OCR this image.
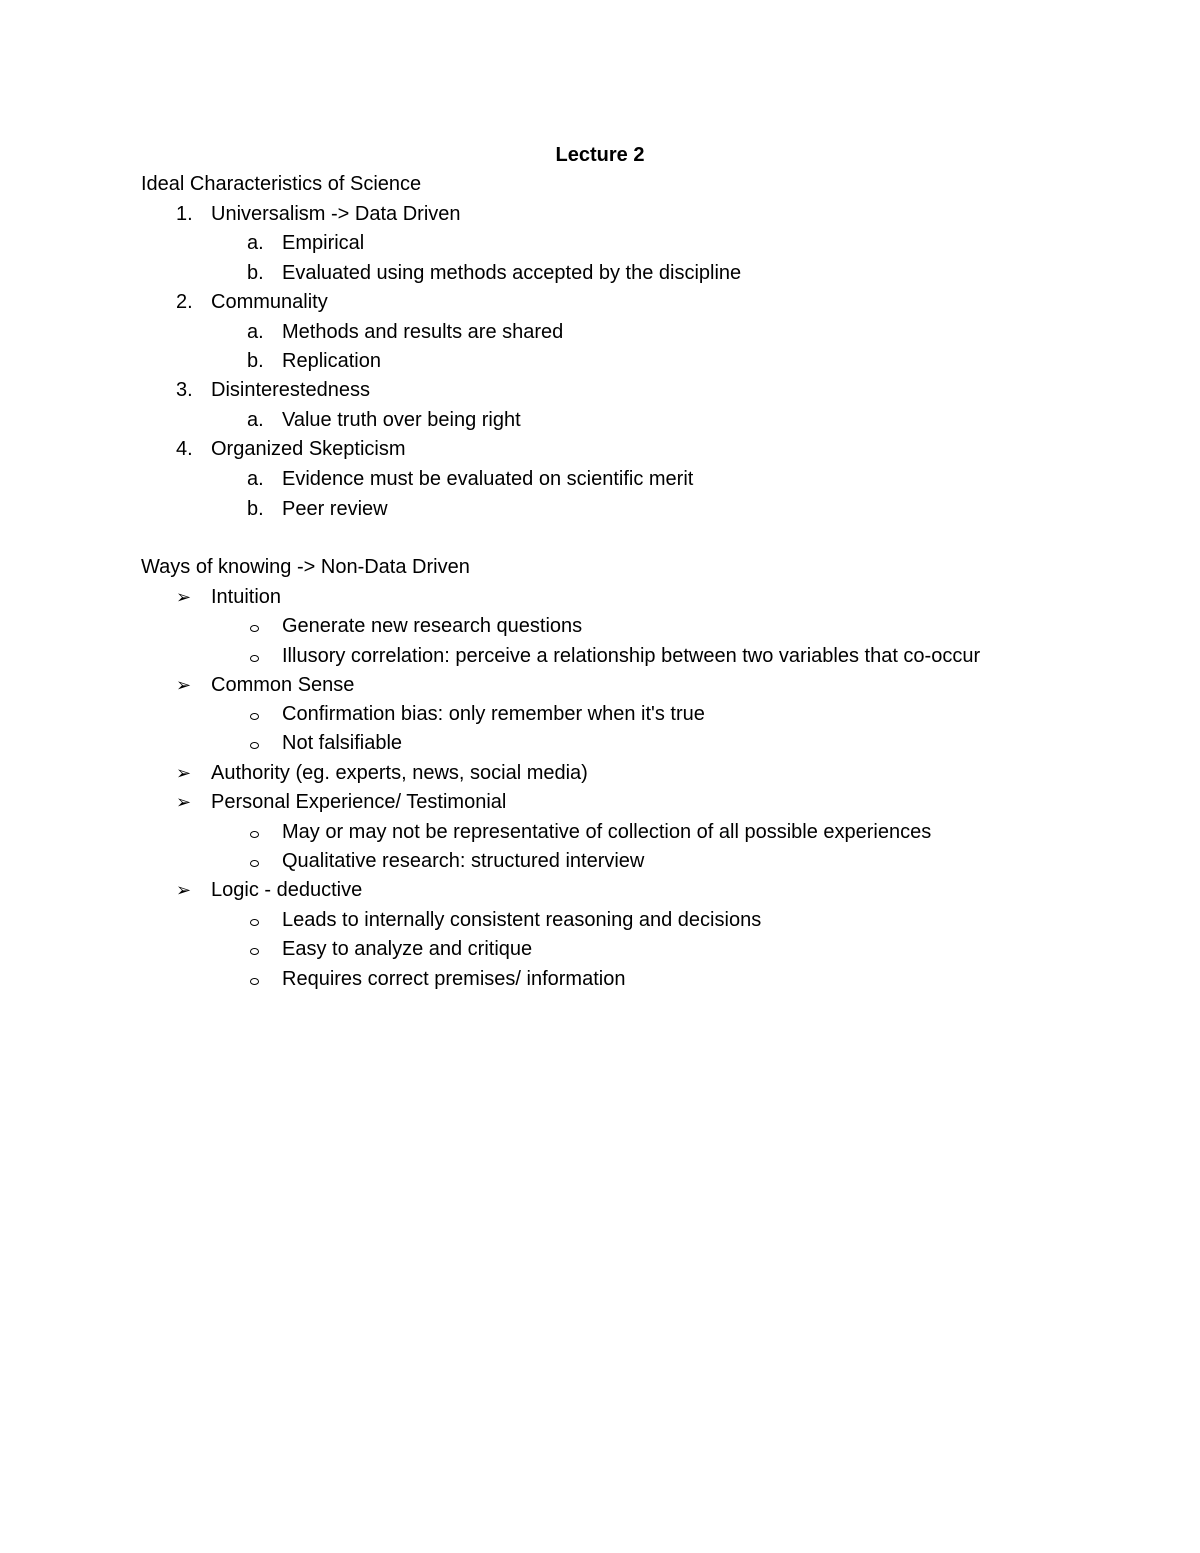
Lecture 2
Ideal Characteristics of Science
1. Universalism -> Data Driven
a. Empirical
b. Evaluated using methods accepted by the discipline
2. Communality
a. Methods and results are shared
b. Replication
3. Disinterestedness
a. Value truth over being right
4. Organized Skepticism
a. Evidence must be evaluated on scientific merit
b. Peer review
Ways of knowing -> Non-Data Driven
➢ Intuition
Generate new research questions
Illusory correlation: perceive a relationship between two variables that co-occur
➢ Common Sense
Confirmation bias: only remember when it's true
Not falsifiable
➢ Authority (eg. experts, news, social media)
➢ Personal Experience/ Testimonial
May or may not be representative of collection of all possible experiences
Qualitative research: structured interview
➢ Logic - deductive
Leads to internally consistent reasoning and decisions
Easy to analyze and critique
Requires correct premises/ information
